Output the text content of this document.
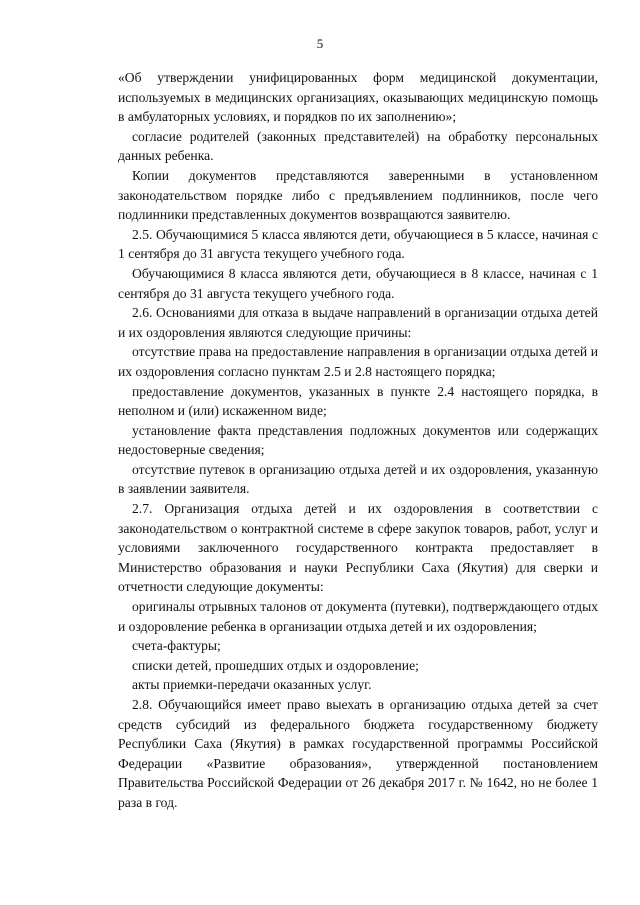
5

«Об утверждении унифицированных форм медицинской документации, используемых в медицинских организациях, оказывающих медицинскую помощь в амбулаторных условиях, и порядков по их заполнению»;

согласие родителей (законных представителей) на обработку персональных данных ребенка.

Копии документов представляются заверенными в установленном законодательством порядке либо с предъявлением подлинников, после чего подлинники представленных документов возвращаются заявителю.

2.5. Обучающимися 5 класса являются дети, обучающиеся в 5 классе, начиная с 1 сентября до 31 августа текущего учебного года.

Обучающимися 8 класса являются дети, обучающиеся в 8 классе, начиная с 1 сентября до 31 августа текущего учебного года.

2.6. Основаниями для отказа в выдаче направлений в организации отдыха детей и их оздоровления являются следующие причины:

отсутствие права на предоставление направления в организации отдыха детей и их оздоровления согласно пунктам 2.5 и 2.8 настоящего порядка;

предоставление документов, указанных в пункте 2.4 настоящего порядка, в неполном и (или) искаженном виде;

установление факта представления подложных документов или содержащих недостоверные сведения;

отсутствие путевок в организацию отдыха детей и их оздоровления, указанную в заявлении заявителя.

2.7. Организация отдыха детей и их оздоровления в соответствии с законодательством о контрактной системе в сфере закупок товаров, работ, услуг и условиями заключенного государственного контракта предоставляет в Министерство образования и науки Республики Саха (Якутия) для сверки и отчетности следующие документы:

оригиналы отрывных талонов от документа (путевки), подтверждающего отдых и оздоровление ребенка в организации отдыха детей и их оздоровления;

счета-фактуры;

списки детей, прошедших отдых и оздоровление;

акты приемки-передачи оказанных услуг.

2.8. Обучающийся имеет право выехать в организацию отдыха детей за счет средств субсидий из федерального бюджета государственному бюджету Республики Саха (Якутия) в рамках государственной программы Российской Федерации «Развитие образования», утвержденной постановлением Правительства Российской Федерации от 26 декабря 2017 г. № 1642, но не более 1 раза в год.
